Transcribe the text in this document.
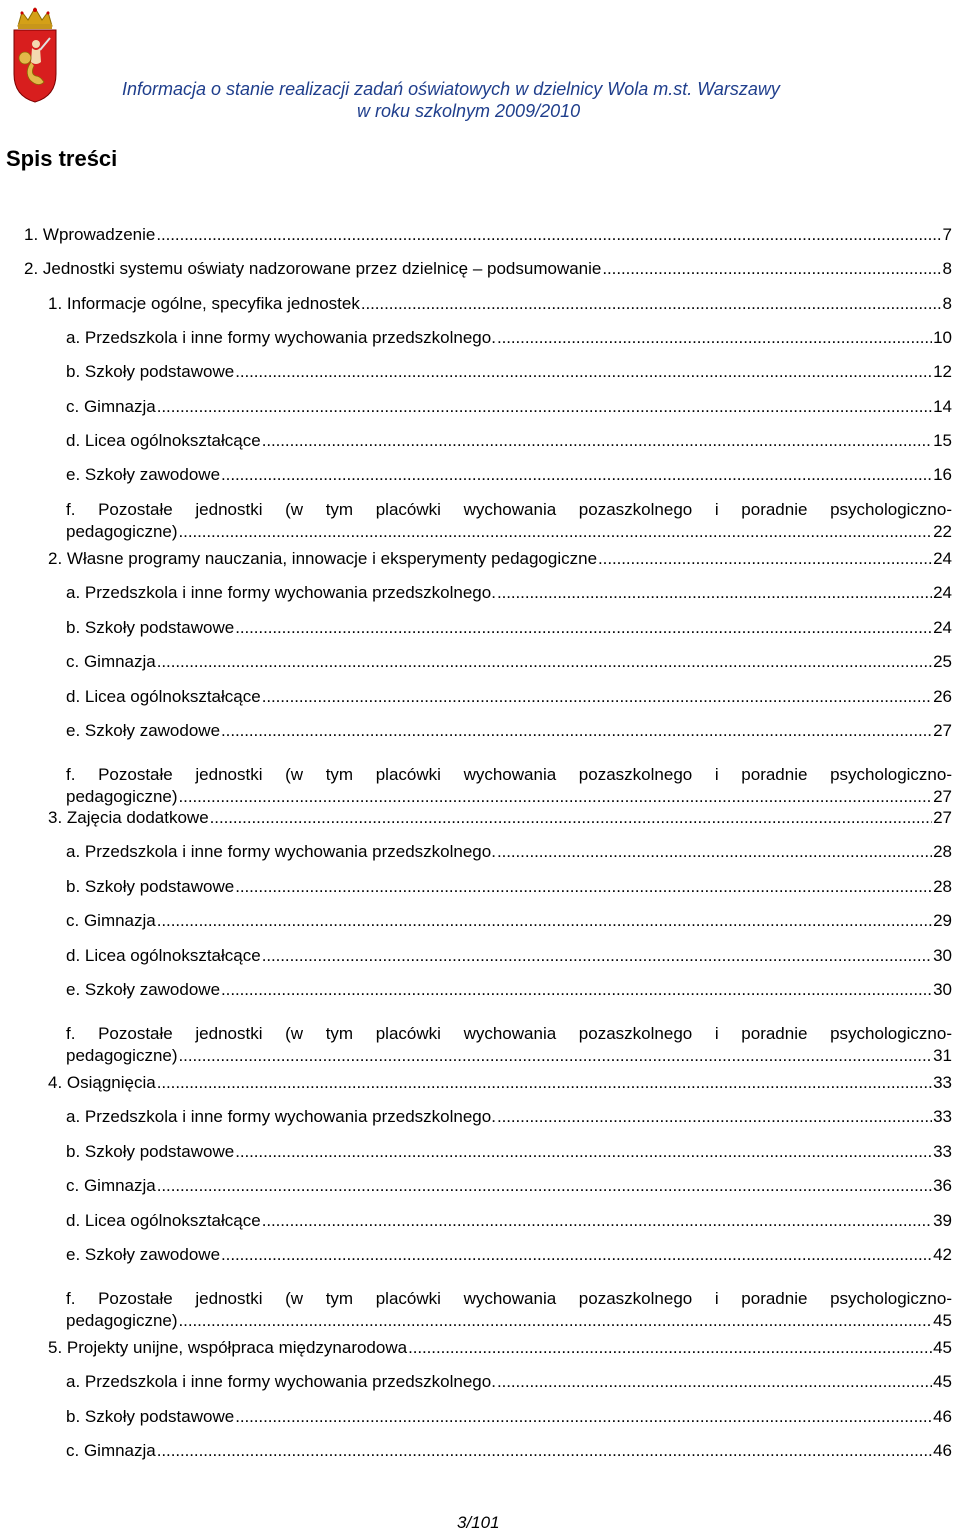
Informacja o stanie realizacji zadań oświatowych w dzielnicy Wola m.st. Warszawy
w roku szkolnym 2009/2010
Spis treści
1. Wprowadzenie . . .	7
2. Jednostki systemu oświaty nadzorowane przez dzielnicę – podsumowanie . . .	8
1. Informacje ogólne, specyfika jednostek . . .	8
a. Przedszkola i inne formy wychowania przedszkolnego. . . .	10
b. Szkoły podstawowe . . .	12
c. Gimnazja . . .	14
d. Licea ogólnokształcące . . .	15
e. Szkoły zawodowe . . .	16
f. Pozostałe jednostki (w tym placówki wychowania pozaszkolnego i poradnie psychologiczno-
pedagogiczne) . . .	22
2. Własne programy nauczania, innowacje i eksperymenty pedagogiczne . . .	24
a. Przedszkola i inne formy wychowania przedszkolnego. . . .	24
b. Szkoły podstawowe . . .	24
c. Gimnazja . . .	25
d. Licea ogólnokształcące . . .	26
e. Szkoły zawodowe . . .	27
f. Pozostałe jednostki (w tym placówki wychowania pozaszkolnego i poradnie psychologiczno-
pedagogiczne) . . .	27
3. Zajęcia dodatkowe . . .	27
a. Przedszkola i inne formy wychowania przedszkolnego. . . .	28
b. Szkoły podstawowe . . .	28
c. Gimnazja . . .	29
d. Licea ogólnokształcące . . .	30
e. Szkoły zawodowe . . .	30
f. Pozostałe jednostki (w tym placówki wychowania pozaszkolnego i poradnie psychologiczno-
pedagogiczne) . . .	31
4. Osiągnięcia . . .	33
a. Przedszkola i inne formy wychowania przedszkolnego. . . .	33
b. Szkoły podstawowe . . .	33
c. Gimnazja . . .	36
d. Licea ogólnokształcące . . .	39
e. Szkoły zawodowe . . .	42
f. Pozostałe jednostki (w tym placówki wychowania pozaszkolnego i poradnie psychologiczno-
pedagogiczne) . . .	45
5. Projekty unijne, współpraca międzynarodowa . . .	45
a. Przedszkola i inne formy wychowania przedszkolnego. . . .	45
b. Szkoły podstawowe . . .	46
c. Gimnazja . . .	46
3/101
